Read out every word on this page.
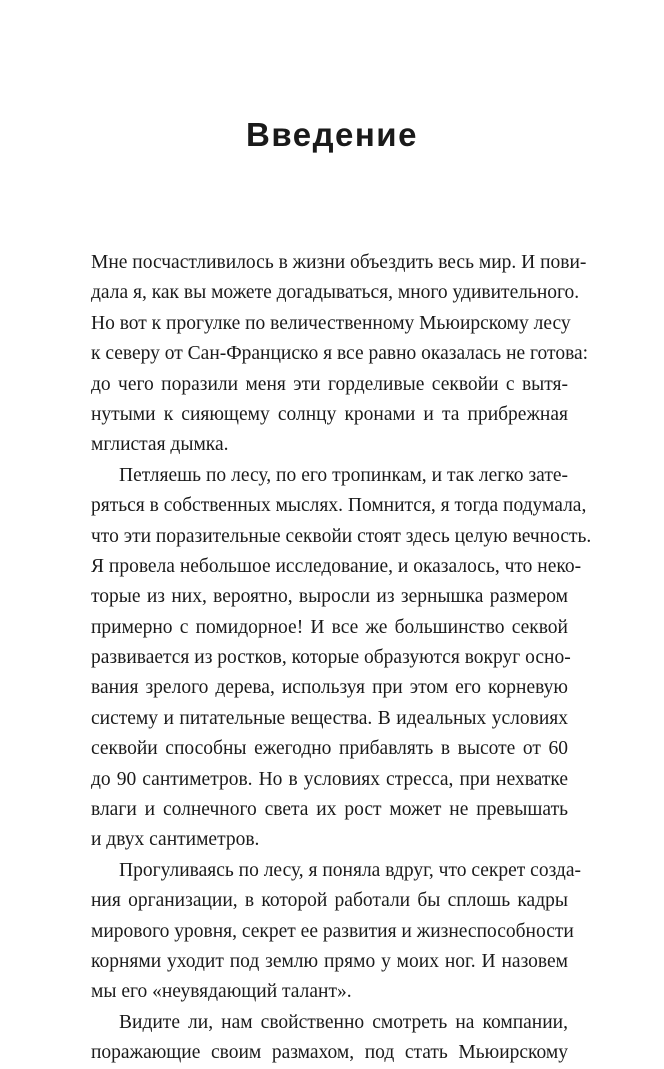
Введение
Мне посчастливилось в жизни объездить весь мир. И пови-
дала я, как вы можете догадываться, много удивительного.
Но вот к прогулке по величественному Мьюирскому лесу
к северу от Сан-Франциско я все равно оказалась не готова:
до чего поразили меня эти горделивые секвойи с вытя-
нутыми к сияющему солнцу кронами и та прибрежная
мглистая дымка.
Петляешь по лесу, по его тропинкам, и так легко зате-
ряться в собственных мыслях. Помнится, я тогда подумала,
что эти поразительные секвойи стоят здесь целую вечность.
Я провела небольшое исследование, и оказалось, что неко-
торые из них, вероятно, выросли из зернышка размером
примерно с помидорное! И все же большинство секвой
развивается из ростков, которые образуются вокруг осно-
вания зрелого дерева, используя при этом его корневую
систему и питательные вещества. В идеальных условиях
секвойи способны ежегодно прибавлять в высоте от 60
до 90 сантиметров. Но в условиях стресса, при нехватке
влаги и солнечного света их рост может не превышать
и двух сантиметров.
Прогуливаясь по лесу, я поняла вдруг, что секрет созда-
ния организации, в которой работали бы сплошь кадры
мирового уровня, секрет ее развития и жизнеспособности
корнями уходит под землю прямо у моих ног. И назовем
мы его «неувядающий талант».
Видите ли, нам свойственно смотреть на компании,
поражающие своим размахом, под стать Мьюирскому
